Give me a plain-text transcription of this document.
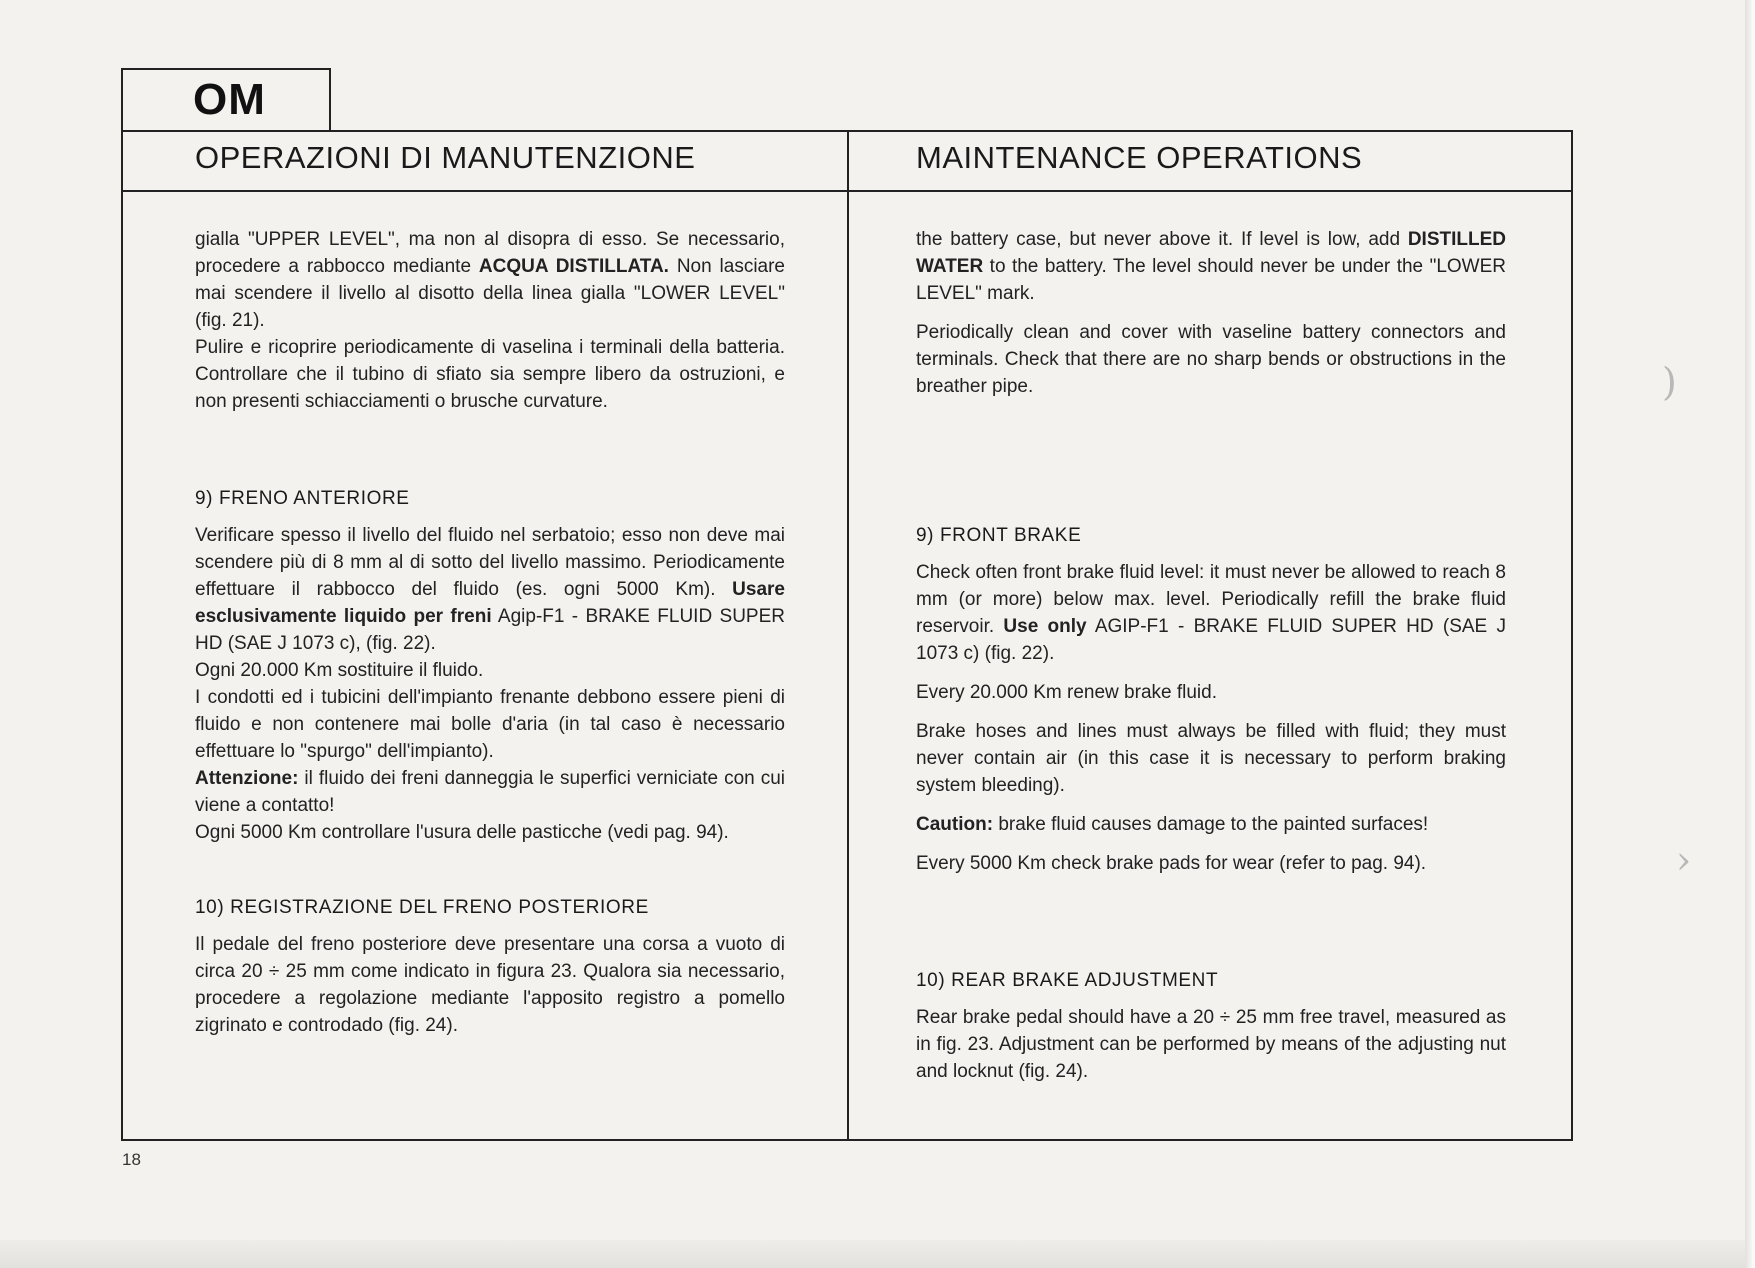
OM
OPERAZIONI DI MANUTENZIONE	MAINTENANCE OPERATIONS

gialla "UPPER LEVEL", ma non al disopra di esso. Se necessario, procedere a rabbocco mediante ACQUA DISTILLATA. Non lasciare mai scendere il livello al disotto della linea gialla "LOWER LEVEL" (fig. 21).

Pulire e ricoprire periodicamente di vaselina i terminali della batteria. Controllare che il tubino di sfiato sia sempre libero da ostruzioni, e non presenti schiacciamenti o brusche curvature.

9) FRENO ANTERIORE

Verificare spesso il livello del fluido nel serbatoio; esso non deve mai scendere più di 8 mm al di sotto del livello massimo. Periodicamente effettuare il rabbocco del fluido (es. ogni 5000 Km). Usare esclusivamente liquido per freni Agip-F1 - BRAKE FLUID SUPER HD (SAE J 1073 c), (fig. 22).

Ogni 20.000 Km sostituire il fluido.

I condotti ed i tubicini dell'impianto frenante debbono essere pieni di fluido e non contenere mai bolle d'aria (in tal caso è necessario effettuare lo "spurgo" dell'impianto).

Attenzione: il fluido dei freni danneggia le superfici verniciate con cui viene a contatto!

Ogni 5000 Km controllare l'usura delle pasticche (vedi pag. 94).

10) REGISTRAZIONE DEL FRENO POSTERIORE

Il pedale del freno posteriore deve presentare una corsa a vuoto di circa 20 ÷ 25 mm come indicato in figura 23. Qualora sia necessario, procedere a regolazione mediante l'apposito registro a pomello zigrinato e controdado (fig. 24).

the battery case, but never above it. If level is low, add DISTILLED WATER to the battery. The level should never be under the "LOWER LEVEL" mark.

Periodically clean and cover with vaseline battery connectors and terminals. Check that there are no sharp bends or obstructions in the breather pipe.

9) FRONT BRAKE

Check often front brake fluid level: it must never be allowed to reach 8 mm (or more) below max. level. Periodically refill the brake fluid reservoir. Use only AGIP-F1 - BRAKE FLUID SUPER HD (SAE J 1073 c) (fig. 22).

Every 20.000 Km renew brake fluid.

Brake hoses and lines must always be filled with fluid; they must never contain air (in this case it is necessary to perform braking system bleeding).

Caution: brake fluid causes damage to the painted surfaces!

Every 5000 Km check brake pads for wear (refer to pag. 94).

10) REAR BRAKE ADJUSTMENT

Rear brake pedal should have a 20 ÷ 25 mm free travel, measured as in fig. 23. Adjustment can be performed by means of the adjusting nut and locknut (fig. 24).

18
)
›
